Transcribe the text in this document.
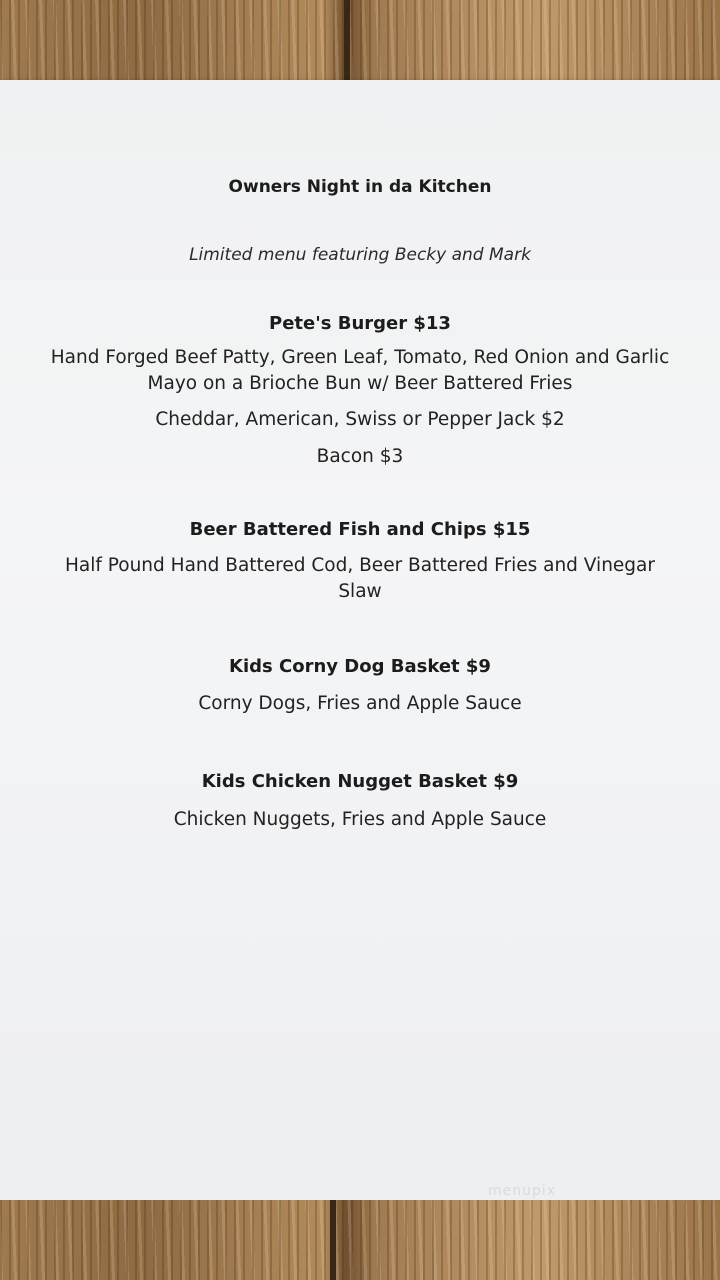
Owners Night in da Kitchen
Limited menu featuring Becky and Mark
Pete's Burger $13
Hand Forged Beef Patty, Green Leaf, Tomato, Red Onion and Garlic
Mayo on a Brioche Bun w/ Beer Battered Fries
Cheddar, American, Swiss or Pepper Jack $2
Bacon $3
Beer Battered Fish and Chips $15
Half Pound Hand Battered Cod, Beer Battered Fries and Vinegar
Slaw
Kids Corny Dog Basket $9
Corny Dogs, Fries and Apple Sauce
Kids Chicken Nugget Basket $9
Chicken Nuggets, Fries and Apple Sauce
menupix
